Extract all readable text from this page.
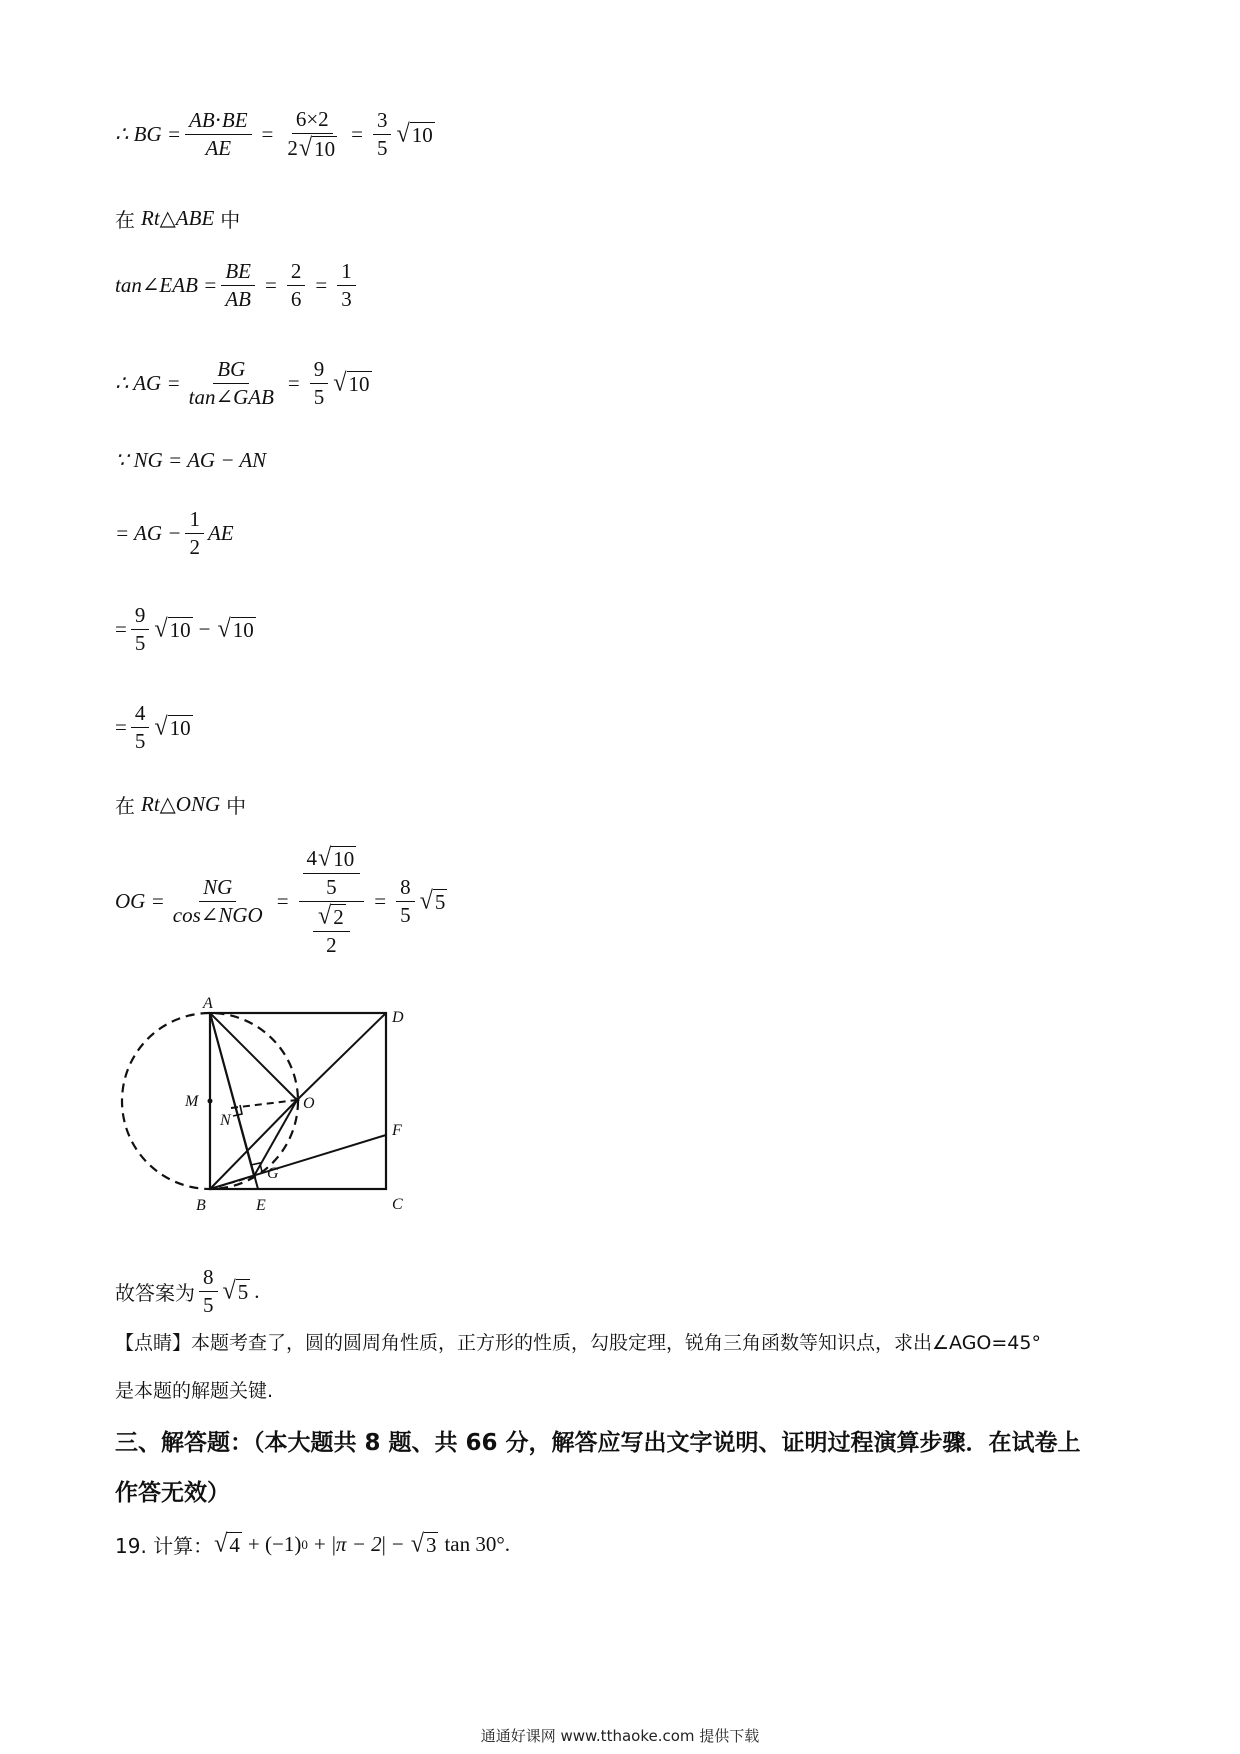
∴ BG = $\frac{AB\cdot BE}{AE} = \frac{6\times 2}{2 √ 10} = \frac{3}{5}$ √ 10
在 Rt△ABE 中
tan∠EAB = $\frac{BE}{AB} = \frac{2}{6} = \frac{1}{3}$
∴ AG = $\frac{BG}{\text{tan∠GAB}} = \frac{9}{5}$ √ 10
∵ NG = AG − AN
= AG − $\frac{1}{2}$ AE
= $\frac{9}{5}$ √ 10 − √ 10
= $\frac{4}{5}$ √ 10
在 Rt△ONG 中
OG = $\frac{NG}{\text{cos∠NGO}} = \frac{\frac{4 √ 10}{5}}{\frac{√ 2}{2}} = \frac{8}{5}$ √ 5
A
D
M	O
N
F
G
B	E	C
故答案为 $\frac{8}{5}$ √ 5 .
【点睛】本题考查了，圆的圆周角性质，正方形的性质，勾股定理，锐角三角函数等知识点，求出∠AGO=45°
是本题的解题关键.
三、解答题：（本大题共 8 题、共 66 分，解答应写出文字说明、证明过程演算步骤．在试卷上
作答无效）
19. 计算： √ 4 + (−1) 0 + |π − 2| − √ 3 tan 30°.
通通好课网 www.tthaoke.com 提供下载
